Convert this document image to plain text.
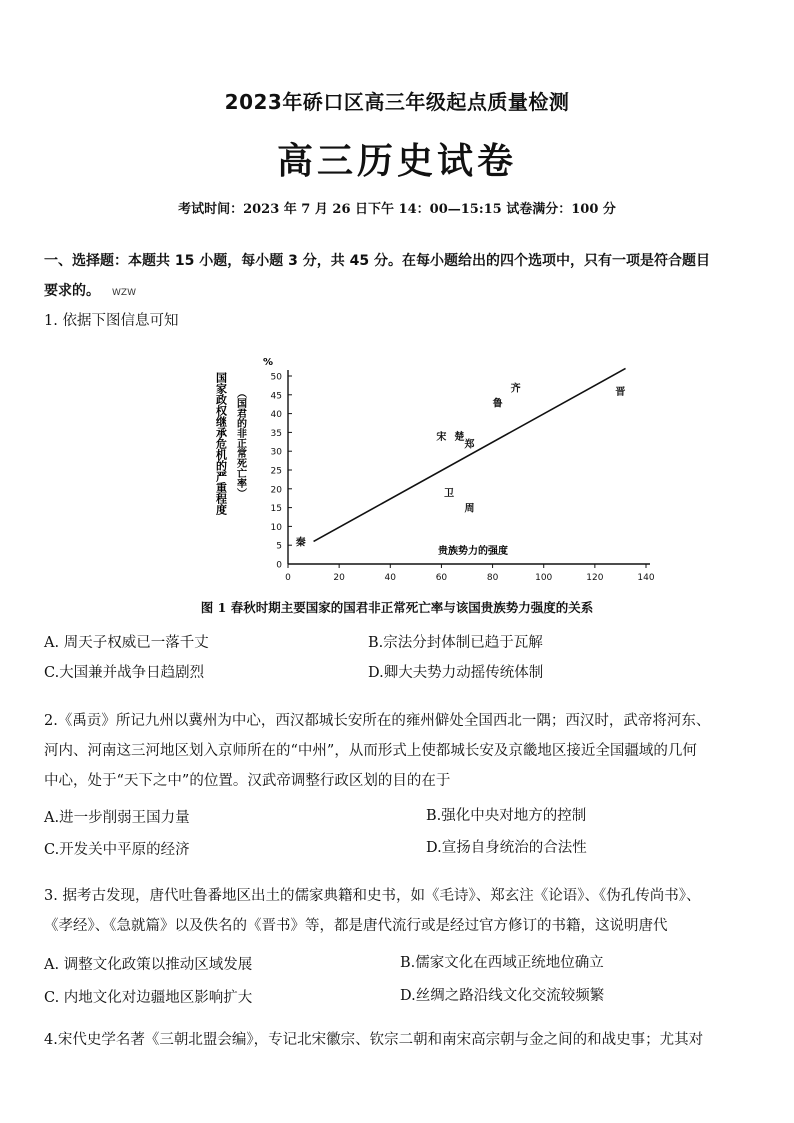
2023年硚口区高三年级起点质量检测
高三历史试卷
考试时间：2023 年 7 月 26 日下午 14：00—15:15 试卷满分：100 分
一、选择题：本题共 15 小题，每小题 3 分，共 45 分。在每小题给出的四个选项中，只有一项是符合题目
要求的。 WZW
1. 依据下图信息可知
0
5
10
15
20
25
30
35
40
45
50
0	20	40	60	80	100	120	140
秦
卫
周
宋 楚
郑
鲁
齐	晋
%
贵族势力的强度
国家政权继承危机的严重程度 （国君的非正常死亡率）
图 1 春秋时期主要国家的国君非正常死亡率与该国贵族势力强度的关系
A. 周天子权威已一落千丈	B.宗法分封体制已趋于瓦解
C.大国兼并战争日趋剧烈	D.卿大夫势力动摇传统体制
2.《禹贡》所记九州以冀州为中心，西汉都城长安所在的雍州僻处全国西北一隅；西汉时，武帝将河东、
河内、河南这三河地区划入京师所在的“中州”，从而形式上使都城长安及京畿地区接近全国疆域的几何
中心，处于“天下之中”的位置。汉武帝调整行政区划的目的在于
A.进一步削弱王国力量	B.强化中央对地方的控制
C.开发关中平原的经济	D.宣扬自身统治的合法性
3. 据考古发现，唐代吐鲁番地区出土的儒家典籍和史书，如《毛诗》、郑玄注《论语》、《伪孔传尚书》、
《孝经》、《急就篇》以及佚名的《晋书》等，都是唐代流行或是经过官方修订的书籍，这说明唐代
A. 调整文化政策以推动区域发展	B.儒家文化在西域正统地位确立
C. 内地文化对边疆地区影响扩大	D.丝绸之路沿线文化交流较频繁
4.宋代史学名著《三朝北盟会编》，专记北宋徽宗、钦宗二朝和南宋高宗朝与金之间的和战史事；尤其对
